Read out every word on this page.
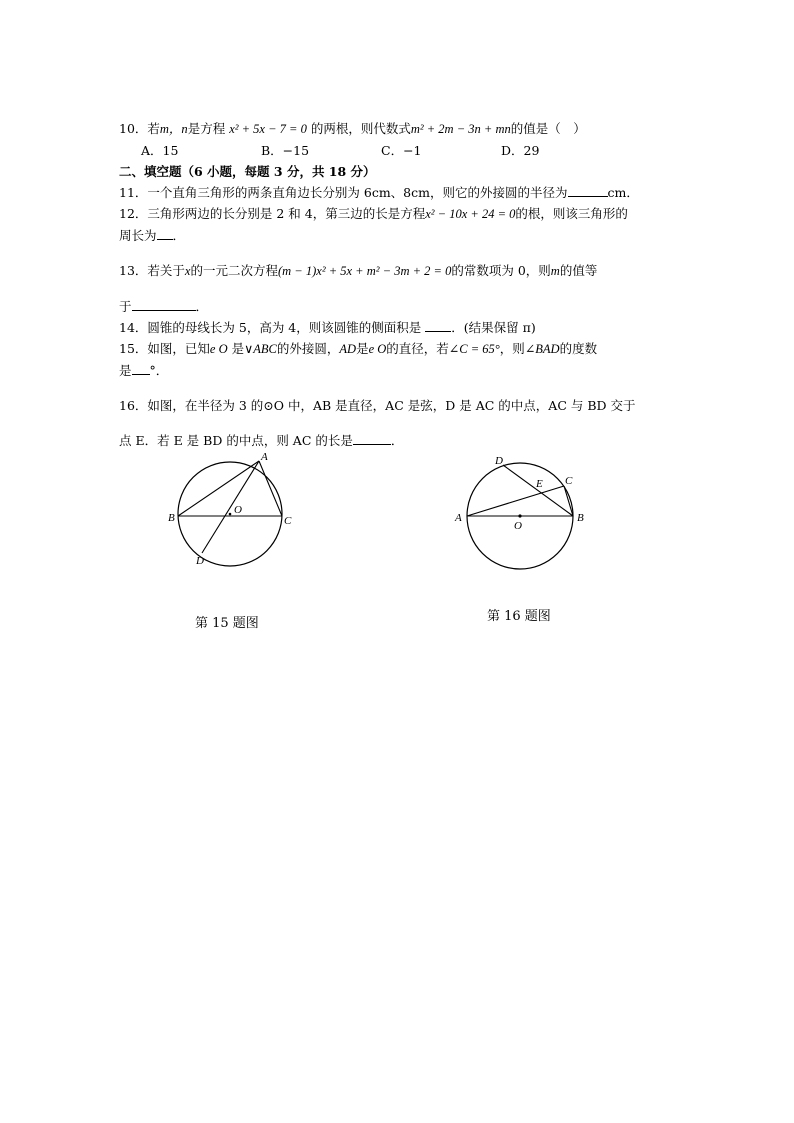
10．若m，n是方程 x² + 5x − 7 = 0 的两根，则代数式m² + 2m − 3n + mn的值是（　）
A．15	B．−15	C．−1	D．29
二、填空题（6 小题，每题 3 分，共 18 分）
11．一个直角三角形的两条直角边长分别为 6cm、8cm，则它的外接圆的半径为	cm．
12．三角形两边的长分别是 2 和 4，第三边的长是方程x² − 10x + 24 = 0的根，则该三角形的
周长为 ．
13．若关于x的一元二次方程(m − 1)x² + 5x + m² − 3m + 2 = 0的常数项为 0，则m的值等
于	．
14．圆锥的母线长为 5，高为 4，则该圆锥的侧面积是 ．(结果保留 π)
15．如图，已知e O 是∨ABC的外接圆，AD是e O的直径，若∠C = 65°，则∠BAD的度数
是 °．
16．如图，在半径为 3 的⊙O 中，AB 是直径，AC 是弦，D 是 AC 的中点，AC 与 BD 交于
点 E．若 E 是 BD 的中点，则 AC 的长是	．
A
B	C
D
O
第 15 题图
D
E C
A	B
O
第 16 题图
